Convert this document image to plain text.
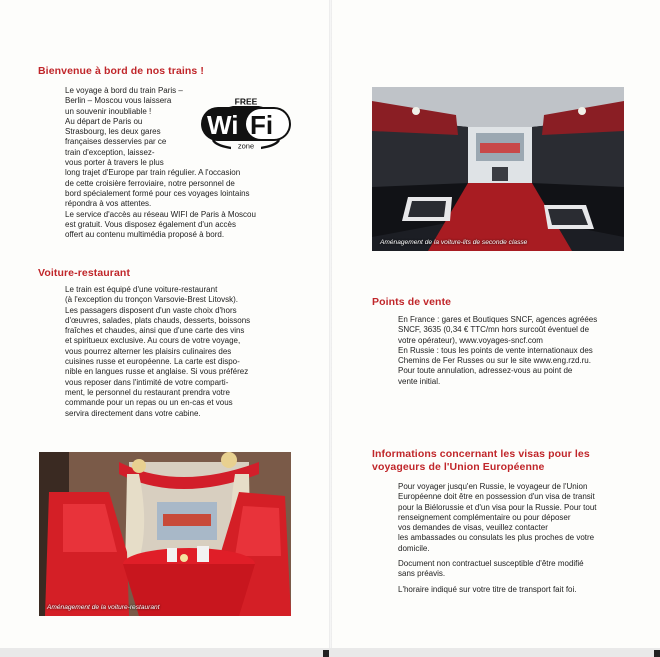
Bienvenue à bord de nos trains !

Le voyage à bord du train Paris –

Berlin – Moscou vous laissera

un souvenir inoubliable !

Au départ de Paris ou

Strasbourg, les deux gares

françaises desservies par ce

train d'exception, laissez-

vous porter à travers le plus

long trajet d'Europe par train régulier. A l'occasion

de cette croisière ferroviaire, notre personnel de

bord spécialement formé pour ces voyages lointains

répondra à vos attentes.

Le service d'accès au réseau WIFI de Paris à Moscou

est gratuit. Vous disposez également d'un accès

offert au contenu multimédia proposé à bord.

FREE
Wi Fi
zone
Voiture-restaurant

Le train est équipé d'une voiture-restaurant

(à l'exception du tronçon Varsovie-Brest Litovsk).

Les passagers disposent d'un vaste choix d'hors

d'œuvres, salades, plats chauds, desserts, boissons

fraîches et chaudes, ainsi que d'une carte des vins

et spiritueux exclusive. Au cours de votre voyage,

vous pourrez alterner les plaisirs culinaires des

cuisines russe et européenne. La carte est dispo-

nible en langues russe et anglaise. Si vous préférez

vous reposer dans l'intimité de votre comparti-

ment, le personnel du restaurant prendra votre

commande pour un repas ou un en-cas et vous

servira directement dans votre cabine.

Aménagement de la voiture-restaurant
Aménagement de la voiture-lits de seconde classe
Points de vente

En France : gares et Boutiques SNCF, agences agréées

SNCF, 3635 (0,34 € TTC/mn hors surcoût éventuel de

votre opérateur), www.voyages-sncf.com

En Russie : tous les points de vente internationaux des

Chemins de Fer Russes ou sur le site www.eng.rzd.ru.

Pour toute annulation, adressez-vous au point de

vente initial.

Informations concernant les visas pour les
voyageurs de l'Union Européenne

Pour voyager jusqu'en Russie, le voyageur de l'Union

Européenne doit être en possession d'un visa de transit

pour la Biélorussie et d'un visa pour la Russie. Pour tout

renseignement complémentaire ou pour déposer

vos demandes de visas, veuillez contacter

les ambassades ou consulats les plus proches de votre

domicile.

Document non contractuel susceptible d'être modifié

sans préavis.

L'horaire indiqué sur votre titre de transport fait foi.
